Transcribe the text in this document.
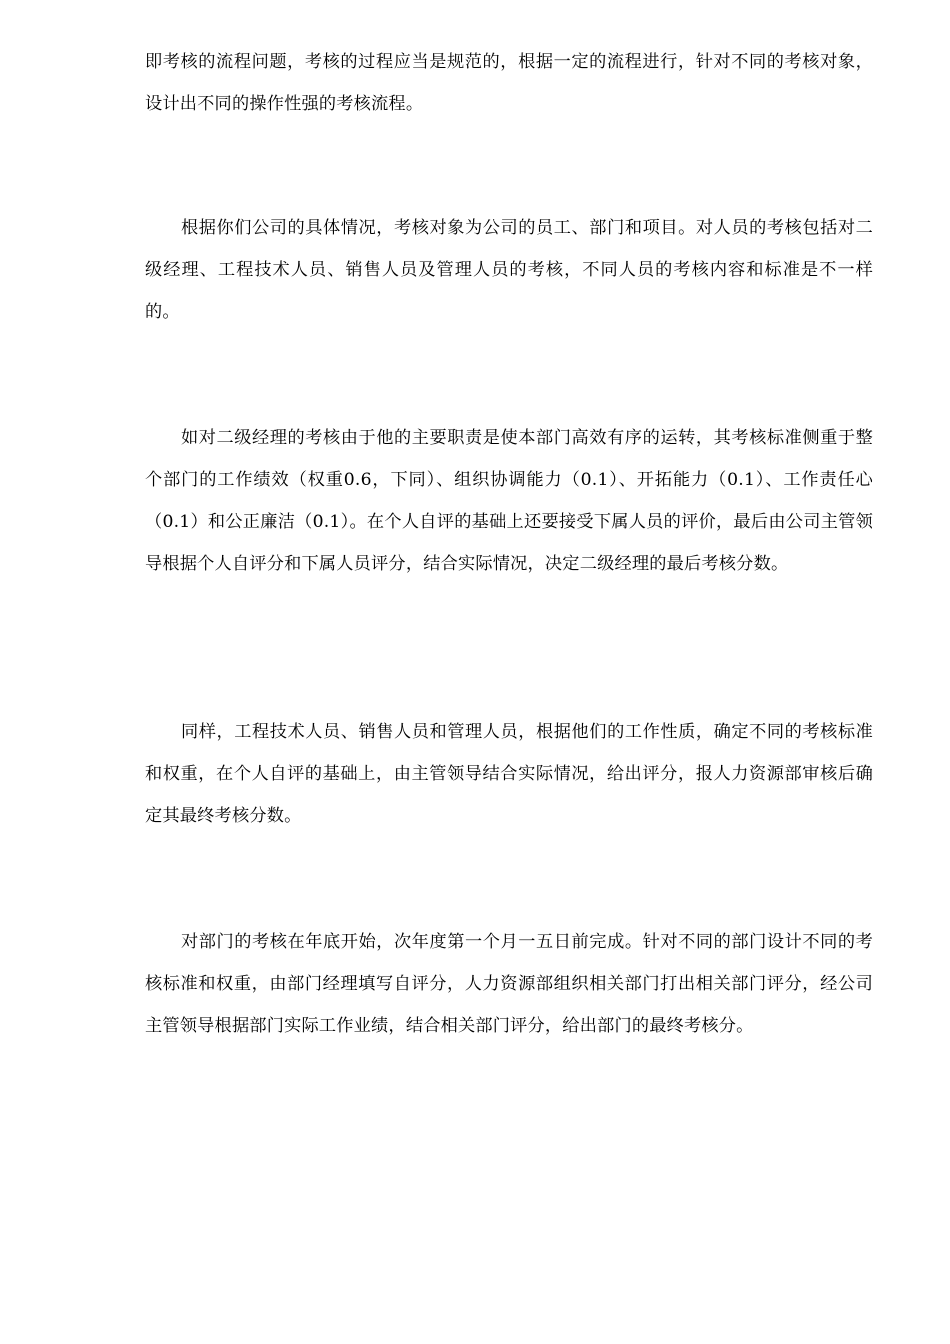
即考核的流程问题，考核的过程应当是规范的，根据一定的流程进行，针对不同的考核对象，设计出不同的操作性强的考核流程。

根据你们公司的具体情况，考核对象为公司的员工、部门和项目。对人员的考核包括对二级经理、工程技术人员、销售人员及管理人员的考核，不同人员的考核内容和标准是不一样的。

如对二级经理的考核由于他的主要职责是使本部门高效有序的运转，其考核标准侧重于整个部门的工作绩效（权重0.6，下同）、组织协调能力（0.1）、开拓能力（0.1）、工作责任心（0.1）和公正廉洁（0.1）。在个人自评的基础上还要接受下属人员的评价，最后由公司主管领导根据个人自评分和下属人员评分，结合实际情况，决定二级经理的最后考核分数。

同样，工程技术人员、销售人员和管理人员，根据他们的工作性质，确定不同的考核标准和权重，在个人自评的基础上，由主管领导结合实际情况，给出评分，报人力资源部审核后确定其最终考核分数。

对部门的考核在年底开始，次年度第一个月一五日前完成。针对不同的部门设计不同的考核标准和权重，由部门经理填写自评分，人力资源部组织相关部门打出相关部门评分，经公司主管领导根据部门实际工作业绩，结合相关部门评分，给出部门的最终考核分。
